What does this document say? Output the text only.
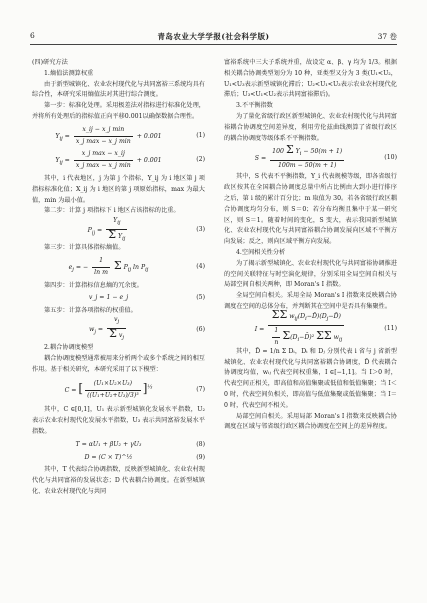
6	青岛农业大学学报(社会科学版)	37 卷

(四)研究方法

1.熵值法测算权重

由于新型城镇化、农业农村现代化与共同富裕三系统均具有综合性，本研究采用熵值法对其进行综合测度。

第一步：标准化处理。采用极差法对指标进行标准化处理，并将所有处理后的指标值正向平移0.001以确保数据合理性。

$Y_{ij} = \frac{\text{x\_ij − x\_j min}}{\text{x\_j max − x\_j min}} + 0.001$	(1)
$Y_{ij} = \frac{\text{x\_j max − x\_ij}}{\text{x\_j max − x\_j min}} + 0.001$	(2)

其中，i 代表地区，j 为第 j 个指标，Y_ij 为 i 地区第 j 项指标标准化值；X_ij 为 i 地区的第 j 项原始指标，max 为最大值，min 为最小值。

第二步：计算 j 项指标下 i 地区占该指标的比重。

$P_{ij} = \frac{Y_{ij}}{\Sigma Y_{ij}}$	(3)

第三步：计算具体指标熵值。

$e_j$ = − $\frac{1}{\text{ln m}}$ Σ $P_{ij}$ $\ln P_{ij}$
(4)

第四步：计算指标信息熵的冗余度。

v_j = 1 − e_j	(5)

第五步：计算各项指标的权重值。

$w_j = \frac{v_j}{\Sigma v_j}$	(6)

2.耦合协调度模型

耦合协调度模型通常被用来分析两个或多个系统之间的相互作用。基于相关研究，本研究采用了以下模型：

C = [ $\frac{\text{(U₁×U₂×U₃)}}{\text{((U₁+U₂+U₃)/3)³}} ]^{\frac{1}{3}}$	(7)

其中，C ∈[0,1]，U₁ 表示新型城镇化发展水平指数，U₂ 表示农业农村现代化发展水平指数，U₃ 表示共同富裕发展水平指数。

T = αU₁ + βU₂ + γU₃	(8)
D = (C × T)^½	(9)

其中，T 代表综合协调指数，反映新型城镇化、农业农村现代化与共同富裕的发展状态；D 代表耦合协调度。在新型城镇化、农业农村现代化与共同

富裕系统中三大子系统并重，故设定 α、β、γ 均为 1/3。根据相关耦合协调类型划分为 10 种，亚类型又分为 3 类(U₁<U₂，U₁<U₃表示新型城镇化滞后；U₂<U₁<U₃表示农业农村现代化滞后；U₃<U₁<U₂表示共同富裕滞后)。

3.不平衡指数

为了量化省级行政区新型城镇化、农业农村现代化与共同富裕耦合协调度空间差异度，利用劳伦兹曲线测算了省级行政区的耦合协调度等级体系不平衡指数。

$S = \frac{100 \Sigma Y_i - 50(m + 1)}{100m - 50(m + 1)}$	(10)

其中，S 代表不平衡指数，Y_i 代表规模等级，即各省级行政区按其在全国耦合协调度总量中所占比例由大到小进行排序之后，第 i 级的累计百分比；m 取值为 30。若各省级行政区耦合协调度均匀分布，则 S＝0；若分布均衡且集中于某一研究区，则 S＝1。随着时间的变化，S 变大，表示我国新型城镇化、农业农村现代化与共同富裕耦合协调发展向区域不平衡方向发展；反之，则向区域平衡方向发展。

4.空间相关性分析

为了揭示新型城镇化、农业农村现代化与共同富裕协调推进的空间关联特征与时空演化规律，分别采用全局空间自相关与局部空间自相关两种，即 Moran's I 指数。

全局空间自相关。采用全局 Moran's I 指数来反映耦合协调度在空间的总体分布，并判断其在空间中是否具有集聚性。

$I = \frac{\Sigma\Sigma w_{ij}(D_i-D̄)(D_j-D̄)}{\frac{1}{n} \Sigma(D_i-D̄)^2 \Sigma\Sigma w_{ij}}$	(11)

其中，D̄ = 1/n Σ Dᵢ，Dᵢ 和 Dⱼ 分别代表 i 省与 j 省新型城镇化、农业农村现代化与共同富裕耦合协调度，D̄ 代表耦合协调度均值，wᵢⱼ 代表空间权重集，I ∈[−1,1]。当 I＞0 时，代表空间正相关，即高值和高值集聚或低值和低值集聚；当 I＜0 时，代表空间负相关，即高值与低值集聚或低值集聚；当 I＝0 时，代表空间不相关。

局部空间自相关。采用局部 Moran's I 指数来反映耦合协调度在区域与邻省级行政区耦合协调度在空间上的差异程度。
